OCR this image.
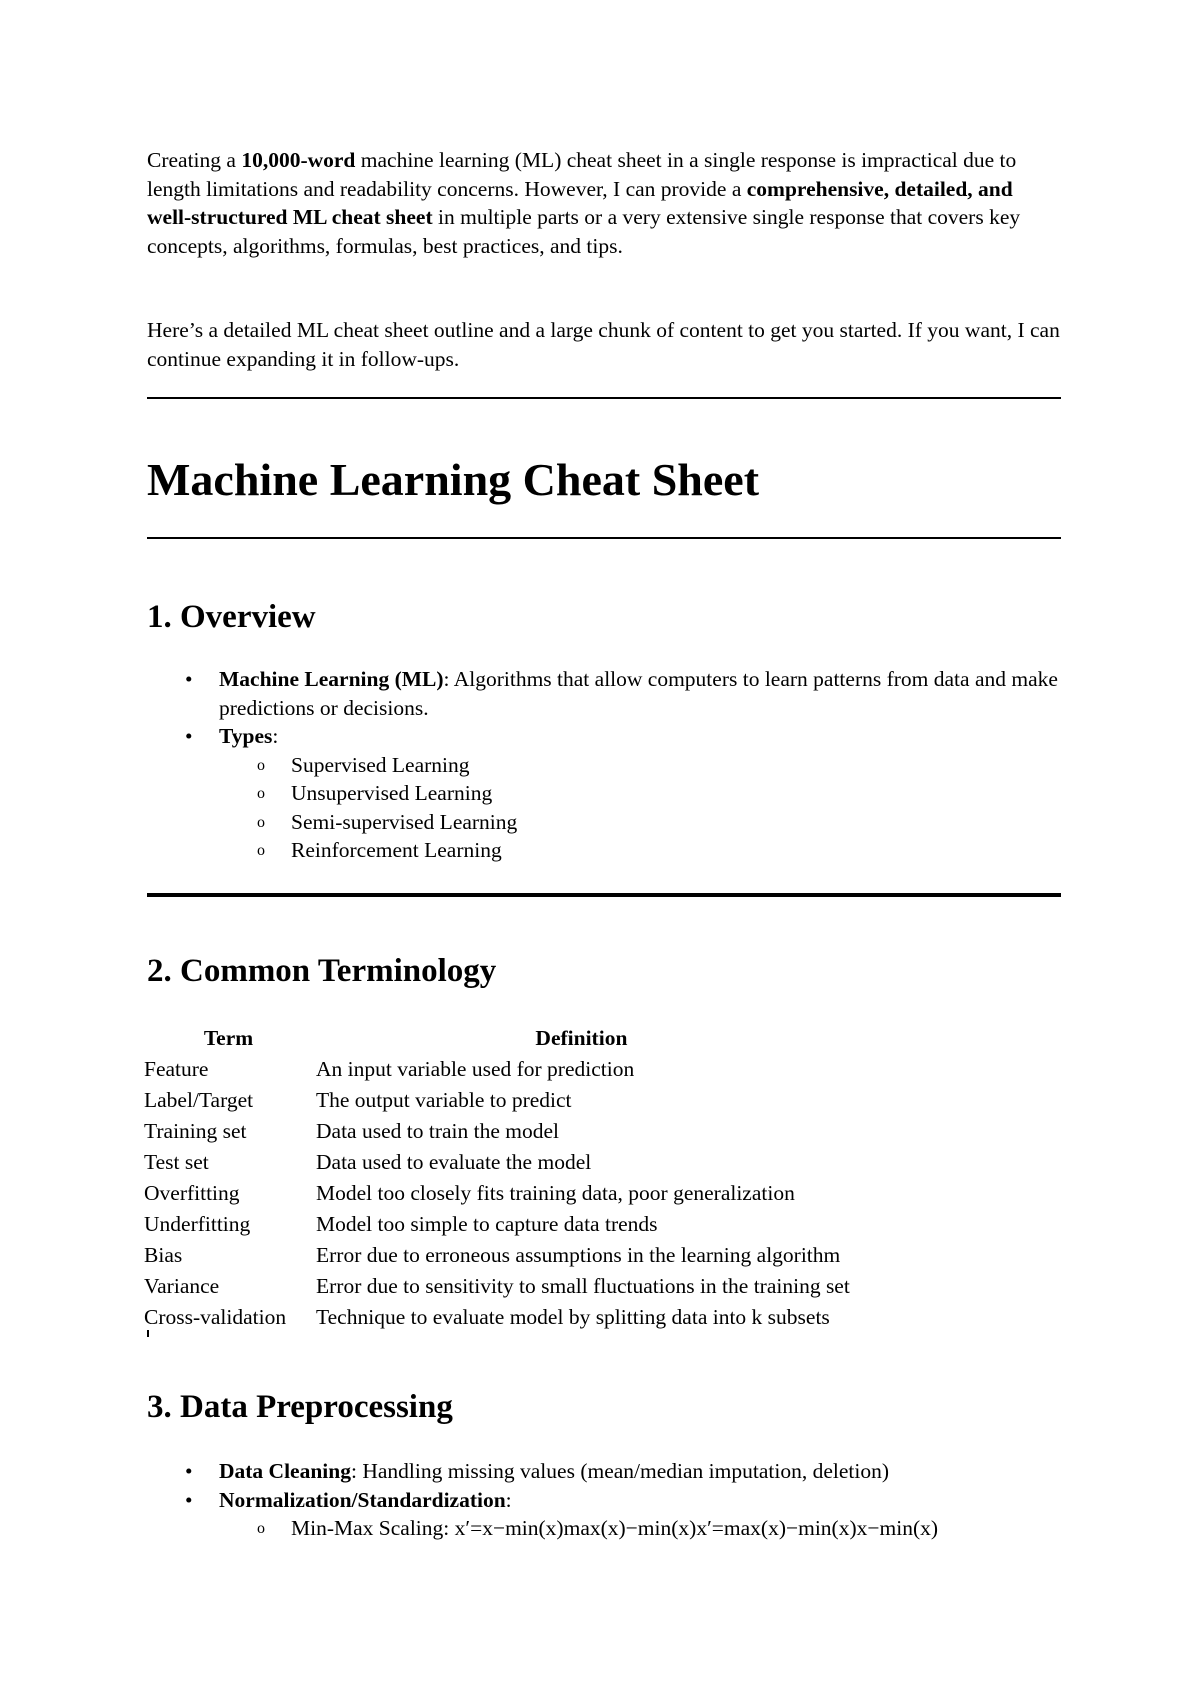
Creating a 10,000-word machine learning (ML) cheat sheet in a single response is impractical due to length limitations and readability concerns. However, I can provide a comprehensive, detailed, and well-structured ML cheat sheet in multiple parts or a very extensive single response that covers key concepts, algorithms, formulas, best practices, and tips.

Here’s a detailed ML cheat sheet outline and a large chunk of content to get you started. If you want, I can continue expanding it in follow-ups.

Machine Learning Cheat Sheet
1. Overview
• Machine Learning (ML): Algorithms that allow computers to learn patterns from data and make predictions or decisions.
• Types:
o Supervised Learning
o Unsupervised Learning
o Semi-supervised Learning
o Reinforcement Learning
2. Common Terminology
Term	Definition
Feature	An input variable used for prediction
Label/Target	The output variable to predict
Training set	Data used to train the model
Test set	Data used to evaluate the model
Overfitting	Model too closely fits training data, poor generalization
Underfitting	Model too simple to capture data trends
Bias	Error due to erroneous assumptions in the learning algorithm
Variance	Error due to sensitivity to small fluctuations in the training set
Cross-validation	Technique to evaluate model by splitting data into k subsets
3. Data Preprocessing
• Data Cleaning: Handling missing values (mean/median imputation, deletion)
• Normalization/Standardization:
o Min-Max Scaling: x′=x−min(x)max(x)−min(x)x′=max(x)−min(x)x−min(x)
